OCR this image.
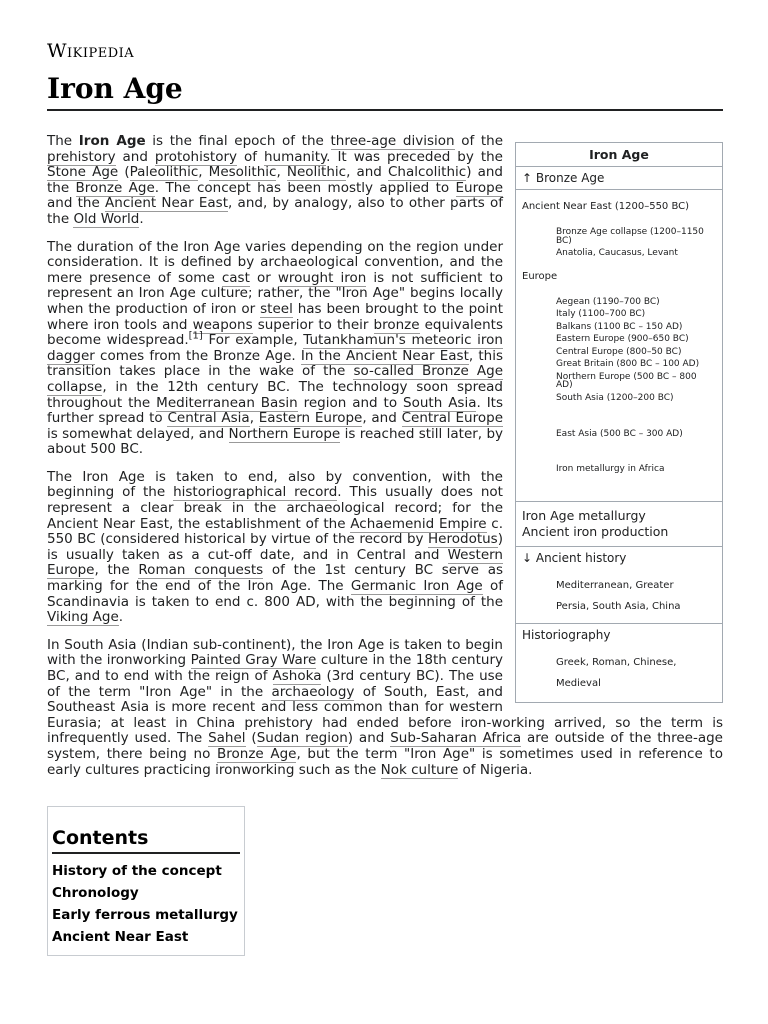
Wikipedia
Iron Age
Iron Age
↑ Bronze Age
Ancient Near East (1200–550 BC)
Bronze Age collapse (1200–1150 BC)
Anatolia, Caucasus, Levant
Europe
Aegean (1190–700 BC)
Italy (1100–700 BC)
Balkans (1100 BC – 150 AD)
Eastern Europe (900–650 BC)
Central Europe (800–50 BC)
Great Britain (800 BC – 100 AD)
Northern Europe (500 BC – 800 AD)
South Asia (1200–200 BC)
East Asia (500 BC – 300 AD)
Iron metallurgy in Africa
Iron Age metallurgy
Ancient iron production
↓ Ancient history
Mediterranean, Greater
Persia, South Asia, China
Historiography
Greek, Roman, Chinese,
Medieval

The Iron Age is the final epoch of the three-age division of the prehistory and protohistory of humanity. It was preceded by the Stone Age (Paleolithic, Mesolithic, Neolithic, and Chalcolithic) and the Bronze Age. The concept has been mostly applied to Europe and the Ancient Near East, and, by analogy, also to other parts of the Old World.

The duration of the Iron Age varies depending on the region under consideration. It is defined by archaeological convention, and the mere presence of some cast or wrought iron is not sufficient to represent an Iron Age culture; rather, the "Iron Age" begins locally when the production of iron or steel has been brought to the point where iron tools and weapons superior to their bronze equivalents become widespread.[1] For example, Tutankhamun's meteoric iron dagger comes from the Bronze Age. In the Ancient Near East, this transition takes place in the wake of the so-called Bronze Age collapse, in the 12th century BC. The technology soon spread throughout the Mediterranean Basin region and to South Asia. Its further spread to Central Asia, Eastern Europe, and Central Europe is somewhat delayed, and Northern Europe is reached still later, by about 500 BC.

The Iron Age is taken to end, also by convention, with the beginning of the historiographical record. This usually does not represent a clear break in the archaeological record; for the Ancient Near East, the establishment of the Achaemenid Empire c. 550 BC (considered historical by virtue of the record by Herodotus) is usually taken as a cut-off date, and in Central and Western Europe, the Roman conquests of the 1st century BC serve as marking for the end of the Iron Age. The Germanic Iron Age of Scandinavia is taken to end c. 800 AD, with the beginning of the Viking Age.

In South Asia (Indian sub-continent), the Iron Age is taken to begin with the ironworking Painted Gray Ware culture in the 18th century BC, and to end with the reign of Ashoka (3rd century BC). The use of the term "Iron Age" in the archaeology of South, East, and Southeast Asia is more recent and less common than for western Eurasia; at least in China prehistory had ended before iron-working arrived, so the term is infrequently used. The Sahel (Sudan region) and Sub-Saharan Africa are outside of the three-age system, there being no Bronze Age, but the term "Iron Age" is sometimes used in reference to early cultures practicing ironworking such as the Nok culture of Nigeria.

Contents
History of the concept
Chronology
Early ferrous metallurgy
Ancient Near East
